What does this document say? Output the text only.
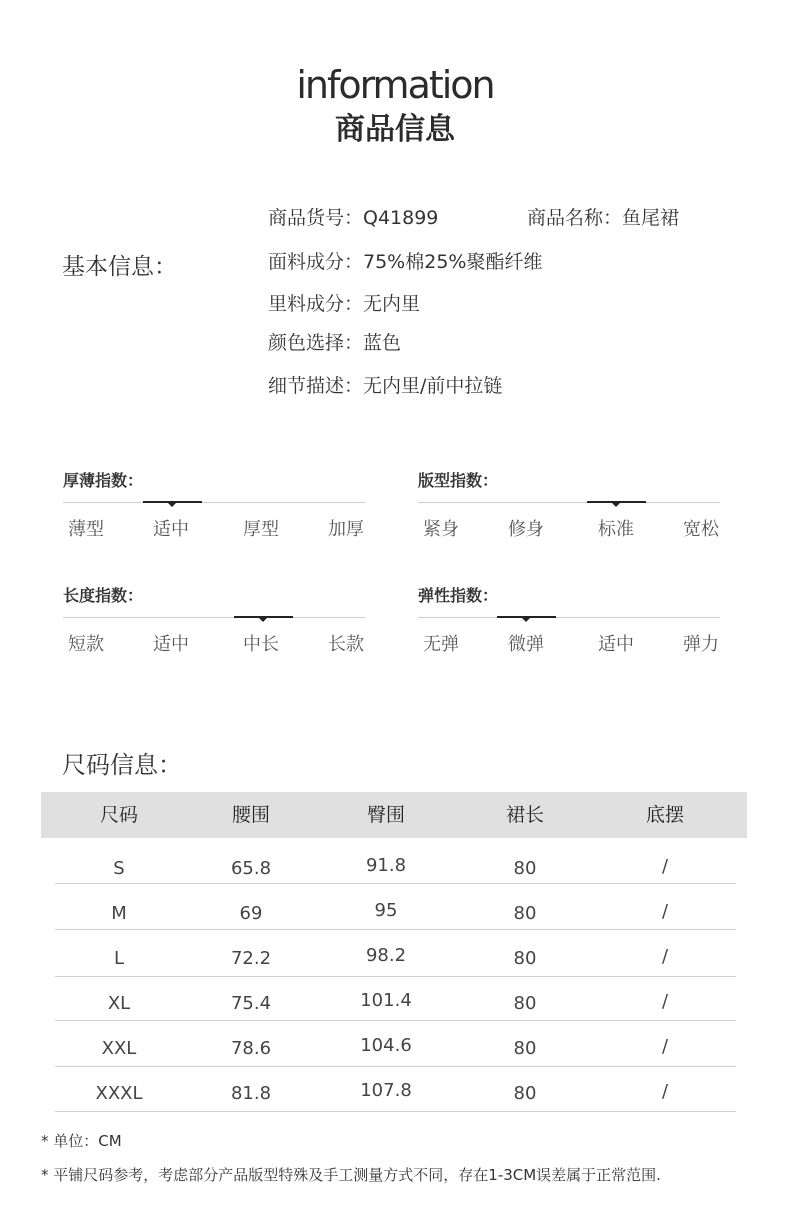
information
商品信息
基本信息：
商品货号：Q41899	商品名称：鱼尾裙
面料成分：75%棉25%聚酯纤维
里料成分：无内里
颜色选择：蓝色
细节描述：无内里/前中拉链
厚薄指数：
薄型	适中	厚型	加厚
版型指数：
紧身	修身	标准	宽松
长度指数：
短款	适中	中长	长款
弹性指数：
无弹	微弹	适中	弹力
尺码信息：
尺码	腰围	臀围	裙长	底摆
S	65.8	91.8	80	/
M	69	95	80	/
L	72.2	98.2	80	/
XL	75.4	101.4	80	/
XXL	78.6	104.6	80	/
XXXL	81.8	107.8	80	/
* 单位：CM
* 平铺尺码参考，考虑部分产品版型特殊及手工测量方式不同，存在1-3CM误差属于正常范围.
